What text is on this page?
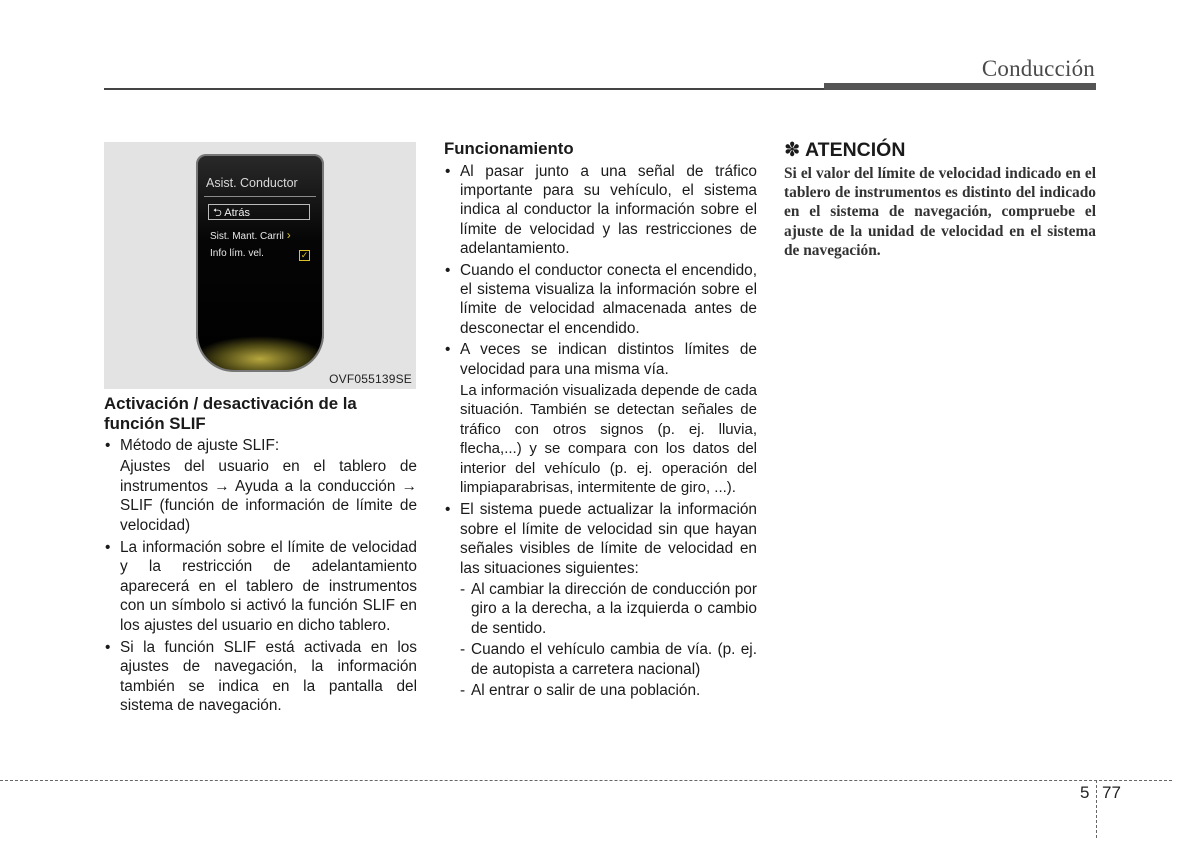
Conducción
Asist. Conductor
⮌ Atrás
Sist. Mant. Carril ›
Info lím. vel.	✓
OVF055139SE
Activación / desactivación de la función SLIF
• Método de ajuste SLIF:
Ajustes del usuario en el tablero de instrumentos → Ayuda a la conducción → SLIF (función de información de límite de velocidad)
• La información sobre el límite de velocidad y la restricción de adelantamiento aparecerá en el tablero de instrumentos con un símbolo si activó la función SLIF en los ajustes del usuario en dicho tablero.
• Si la función SLIF está activada en los ajustes de navegación, la información también se indica en la pantalla del sistema de navegación.
Funcionamiento
• Al pasar junto a una señal de tráfico importante para su vehículo, el sistema indica al conductor la información sobre el límite de velocidad y las restricciones de adelantamiento.
• Cuando el conductor conecta el encendido, el sistema visualiza la información sobre el límite de velocidad almacenada antes de desconectar el encendido.
• A veces se indican distintos límites de velocidad para una misma vía.
La información visualizada depende de cada situación. También se detectan señales de tráfico con otros signos (p. ej. lluvia, flecha,...) y se compara con los datos del interior del vehículo (p. ej. operación del limpiaparabrisas, intermitente de giro, ...).
• El sistema puede actualizar la información sobre el límite de velocidad sin que hayan señales visibles de límite de velocidad en las situaciones siguientes:
- Al cambiar la dirección de conducción por giro a la derecha, a la izquierda o cambio de sentido.
- Cuando el vehículo cambia de vía. (p. ej. de autopista a carretera nacional)
- Al entrar o salir de una población.
✽ ATENCIÓN
Si el valor del límite de velocidad indicado en el tablero de instrumentos es distinto del indicado en el sistema de navegación, compruebe el ajuste de la unidad de velocidad en el sistema de navegación.
5 77
